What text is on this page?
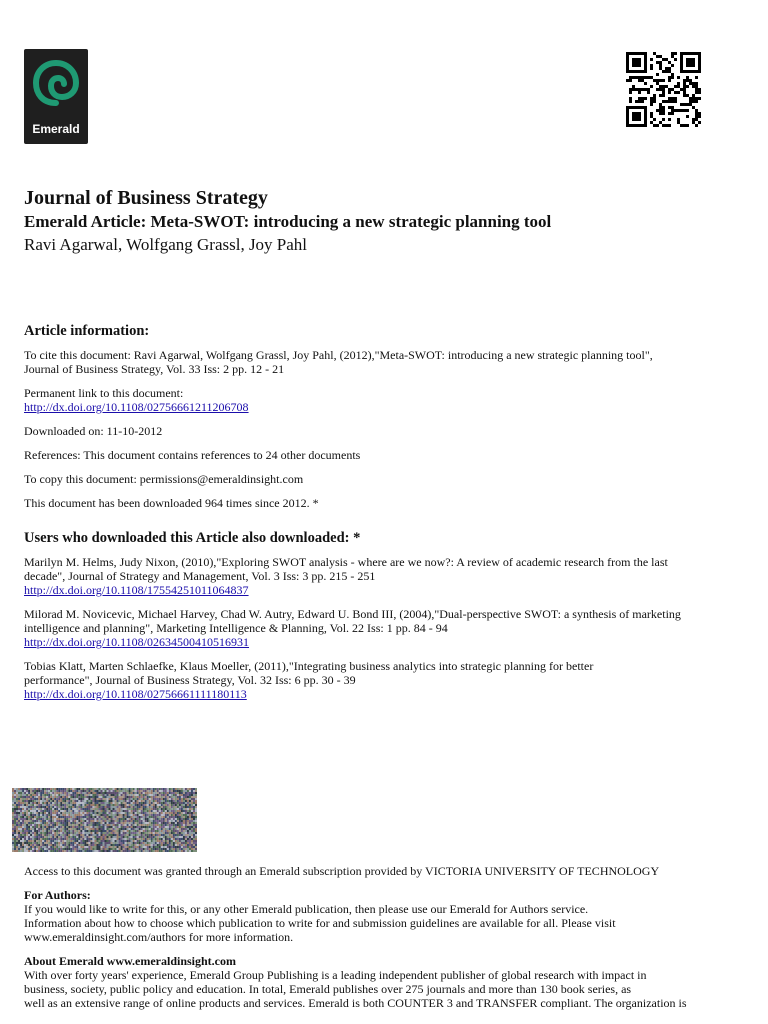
Emerald
Journal of Business Strategy
Emerald Article: Meta-SWOT: introducing a new strategic planning tool
Ravi Agarwal, Wolfgang Grassl, Joy Pahl
Article information:

To cite this document: Ravi Agarwal, Wolfgang Grassl, Joy Pahl, (2012),"Meta-SWOT: introducing a new strategic planning tool",

Journal of Business Strategy, Vol. 33 Iss: 2 pp. 12 - 21

Permanent link to this document:

http://dx.doi.org/10.1108/02756661211206708

Downloaded on: 11-10-2012

References: This document contains references to 24 other documents

To copy this document: permissions@emeraldinsight.com

This document has been downloaded 964 times since 2012. *

Users who downloaded this Article also downloaded: *

Marilyn M. Helms, Judy Nixon, (2010),"Exploring SWOT analysis - where are we now?: A review of academic research from the last

decade", Journal of Strategy and Management, Vol. 3 Iss: 3 pp. 215 - 251

http://dx.doi.org/10.1108/17554251011064837

Milorad M. Novicevic, Michael Harvey, Chad W. Autry, Edward U. Bond III, (2004),"Dual-perspective SWOT: a synthesis of marketing

intelligence and planning", Marketing Intelligence & Planning, Vol. 22 Iss: 1 pp. 84 - 94

http://dx.doi.org/10.1108/02634500410516931

Tobias Klatt, Marten Schlaefke, Klaus Moeller, (2011),"Integrating business analytics into strategic planning for better

performance", Journal of Business Strategy, Vol. 32 Iss: 6 pp. 30 - 39

http://dx.doi.org/10.1108/02756661111180113

Access to this document was granted through an Emerald subscription provided by VICTORIA UNIVERSITY OF TECHNOLOGY

For Authors:

If you would like to write for this, or any other Emerald publication, then please use our Emerald for Authors service.

Information about how to choose which publication to write for and submission guidelines are available for all. Please visit

www.emeraldinsight.com/authors for more information.

About Emerald www.emeraldinsight.com

With over forty years' experience, Emerald Group Publishing is a leading independent publisher of global research with impact in

business, society, public policy and education. In total, Emerald publishes over 275 journals and more than 130 book series, as

well as an extensive range of online products and services. Emerald is both COUNTER 3 and TRANSFER compliant. The organization is
